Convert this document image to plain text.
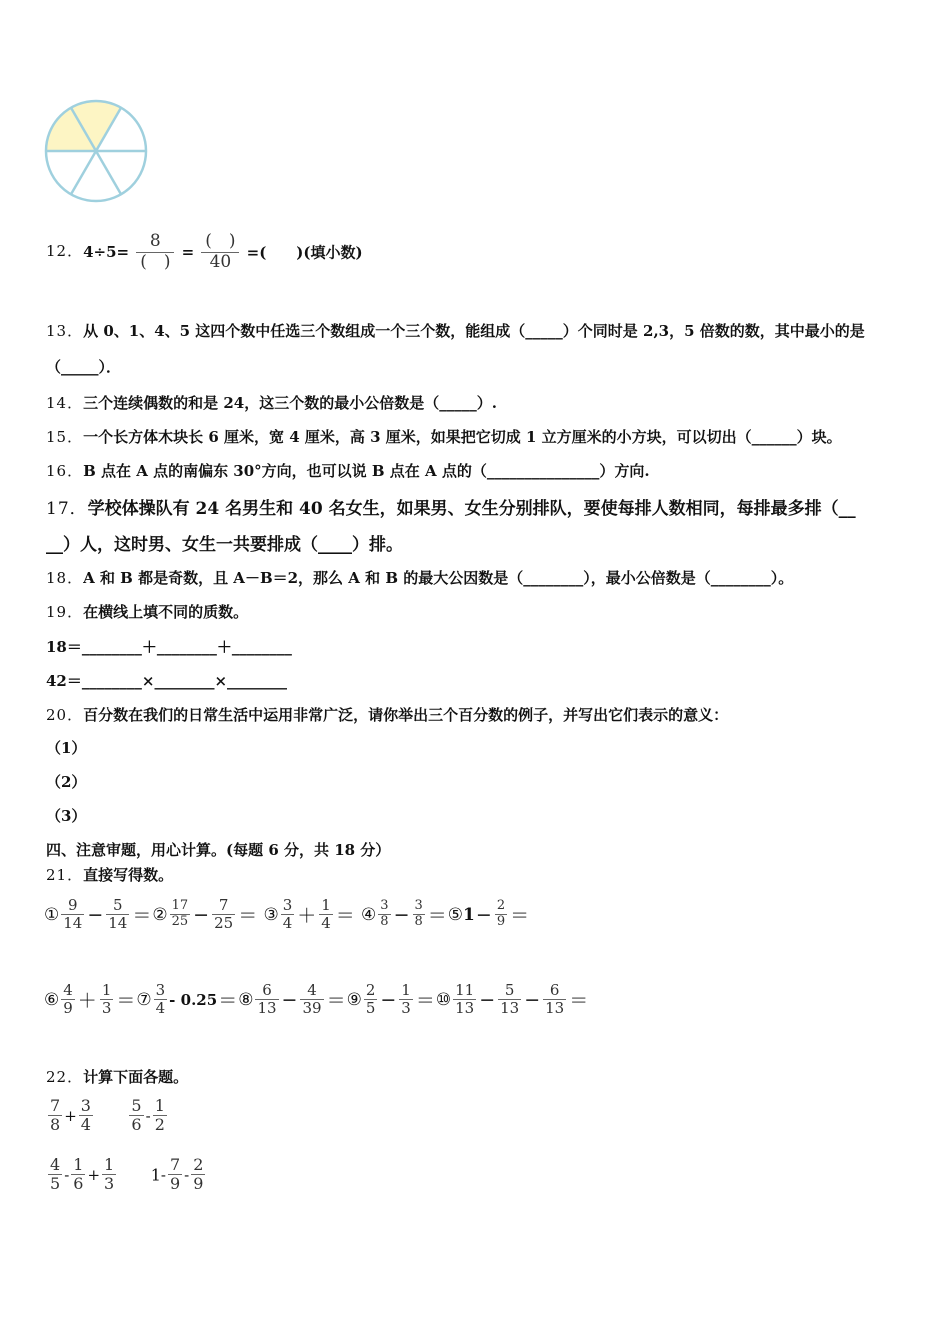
12．$4\div 5= \frac{8}{( )} = \frac{( )}{40}$ =(　　)(填小数)
13．从 0、1、4、5 这四个数中任选三个数组成一个三个数，能组成（_____）个同时是 2,3，5 倍数的数，其中最小的是
（_____）．
14．三个连续偶数的和是 24，这三个数的最小公倍数是（_____）.
15．一个长方体木块长 6 厘米，宽 4 厘米，高 3 厘米，如果把它切成 1 立方厘米的小方块，可以切出（______）块。
16．B 点在 A 点的南偏东 30°方向，也可以说 B 点在 A 点的（_______________）方向.
17．学校体操队有 24 名男生和 40 名女生，如果男、女生分别排队，要使每排人数相同，每排最多排（__
__）人，这时男、女生一共要排成（____）排。
18．A 和 B 都是奇数，且 A－B＝2，那么 A 和 B 的最大公因数是（________），最小公倍数是（________）。
19．在横线上填不同的质数。
18＝________＋________＋________
42＝________×________×________
20．百分数在我们的日常生活中运用非常广泛，请你举出三个百分数的例子，并写出它们表示的意义：
（1）
（2）
（3）
四、注意审题，用心计算。(每题 6 分，共 18 分）
21．直接写得数。
① $\frac{9}{14} - \frac{5}{14}$ ＝② $\frac{17}{25} - \frac{7}{25}$ ＝ ③ $\frac{3}{4} + \frac{1}{4}$ ＝ ④ $\frac{3}{8} - \frac{3}{8}$ ＝⑤1− $\frac{2}{9}$ ＝
⑥ $\frac{4}{9} + \frac{1}{3}$ ＝⑦ $\frac{3}{4}$ - 0.25＝⑧ $\frac{6}{13} - \frac{4}{39}$ ＝⑨ $\frac{2}{5} - \frac{1}{3}$ ＝⑩ $\frac{11}{13} - \frac{5}{13} - \frac{6}{13}$ ＝
22．计算下面各题。
$\frac{7}{8} + \frac{3}{4}$
$\frac{5}{6} - \frac{1}{2}$
$\frac{4}{5} - \frac{1}{6} + \frac{1}{3} 1- \frac{7}{9} - \frac{2}{9}$
